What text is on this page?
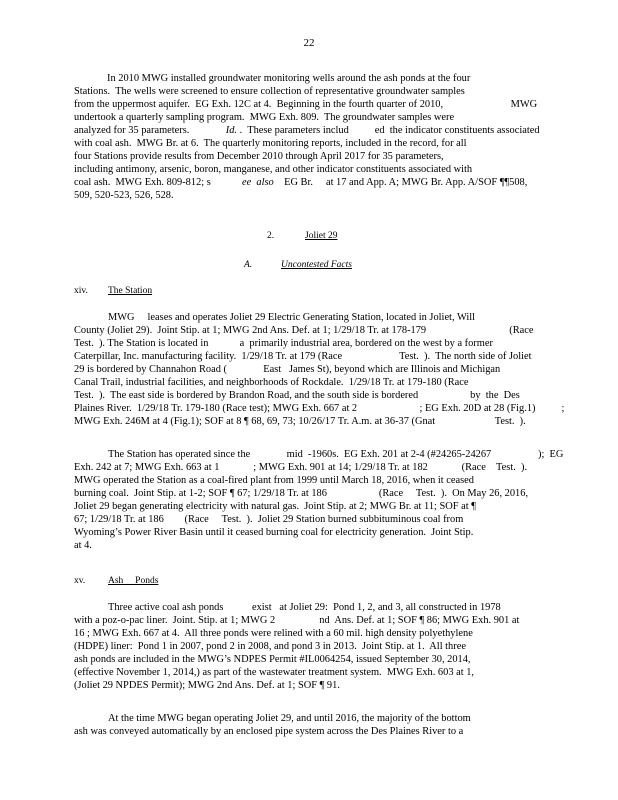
22
In 2010 MWG installed groundwater monitoring wells around the ash ponds at the four
Stations.  The wells were screened to ensure collection of representative groundwater samples
from the uppermost aquifer.  EG Exh. 12C at 4.  Beginning in the fourth quarter of 2010,                          MWG
undertook a quarterly sampling program.  MWG Exh. 809.  The groundwater samples were
analyzed for 35 parameters.              Id. .  These parameters includ          ed  the indicator constituents associated
with coal ash.  MWG Br. at 6.  The quarterly monitoring reports, included in the record, for all
four Stations provide results from December 2010 through April 2017 for 35 parameters,
including antimony, arsenic, boron, manganese, and other indicator constituents associated with
coal ash.  MWG Exh. 809-812; s	ee  also    EG Br.     at 17 and App. A; MWG Br. App. A/SOF ¶¶508,
509, 520-523, 526, 528.
2.	Joliet 29
A.	Uncontested Facts
xiv. The Station
MWG     leases and operates Joliet 29 Electric Generating Station, located in Joliet, Will
County (Joliet 29).  Joint Stip. at 1; MWG 2nd Ans. Def. at 1; 1/29/18 Tr. at 178-179                                (Race
Test.  ). The Station is located in            a  primarily industrial area, bordered on the west by a former
Caterpillar, Inc. manufacturing facility.  1/29/18 Tr. at 179 (Race                      Test.  ).  The north side of Joliet
29 is bordered by Channahon Road (              East   James St), beyond which are Illinois and Michigan
Canal Trail, industrial facilities, and neighborhoods of Rockdale.  1/29/18 Tr. at 179-180 (Race
Test.  ).  The east side is bordered by Brandon Road, and the south side is bordered                    by  the  Des
Plaines River.  1/29/18 Tr. 179-180 (Race test); MWG Exh. 667 at 2                        ; EG Exh. 20D at 28 (Fig.1)          ;
MWG Exh. 246M at 4 (Fig.1); SOF at 8 ¶ 68, 69, 73; 10/26/17 Tr. A.m. at 36-37 (Gnat                       Test.  ).
The Station has operated since the              mid  -1960s.  EG Exh. 201 at 2-4 (#24265-24267                  );  EG
Exh. 242 at 7; MWG Exh. 663 at 1             ; MWG Exh. 901 at 14; 1/29/18 Tr. at 182             (Race    Test.  ).
MWG operated the Station as a coal-fired plant from 1999 until March 18, 2016, when it ceased
burning coal.  Joint Stip. at 1-2; SOF ¶ 67; 1/29/18 Tr. at 186                    (Race     Test.  ).  On May 26, 2016,
Joliet 29 began generating electricity with natural gas.  Joint Stip. at 2; MWG Br. at 11; SOF at ¶
67; 1/29/18 Tr. at 186        (Race     Test.  ).  Joliet 29 Station burned subbituminous coal from
Wyoming’s Power River Basin until it ceased burning coal for electricity generation.  Joint Stip.
at 4.
xv. Ash     Ponds
Three active coal ash ponds           exist   at Joliet 29:  Pond 1, 2, and 3, all constructed in 1978
with a poz-o-pac liner.  Joint. Stip. at 1; MWG 2                 nd  Ans. Def. at 1; SOF ¶ 86; MWG Exh. 901 at
16 ; MWG Exh. 667 at 4.  All three ponds were relined with a 60 mil. high density polyethylene
(HDPE) liner:  Pond 1 in 2007, pond 2 in 2008, and pond 3 in 2013.  Joint Stip. at 1.  All three
ash ponds are included in the MWG’s NDPES Permit #IL0064254, issued September 30, 2014,
(effective November 1, 2014,) as part of the wastewater treatment system.  MWG Exh. 603 at 1,
(Joliet 29 NPDES Permit); MWG 2nd Ans. Def. at 1; SOF ¶ 91.
At the time MWG began operating Joliet 29, and until 2016, the majority of the bottom
ash was conveyed automatically by an enclosed pipe system across the Des Plaines River to a
